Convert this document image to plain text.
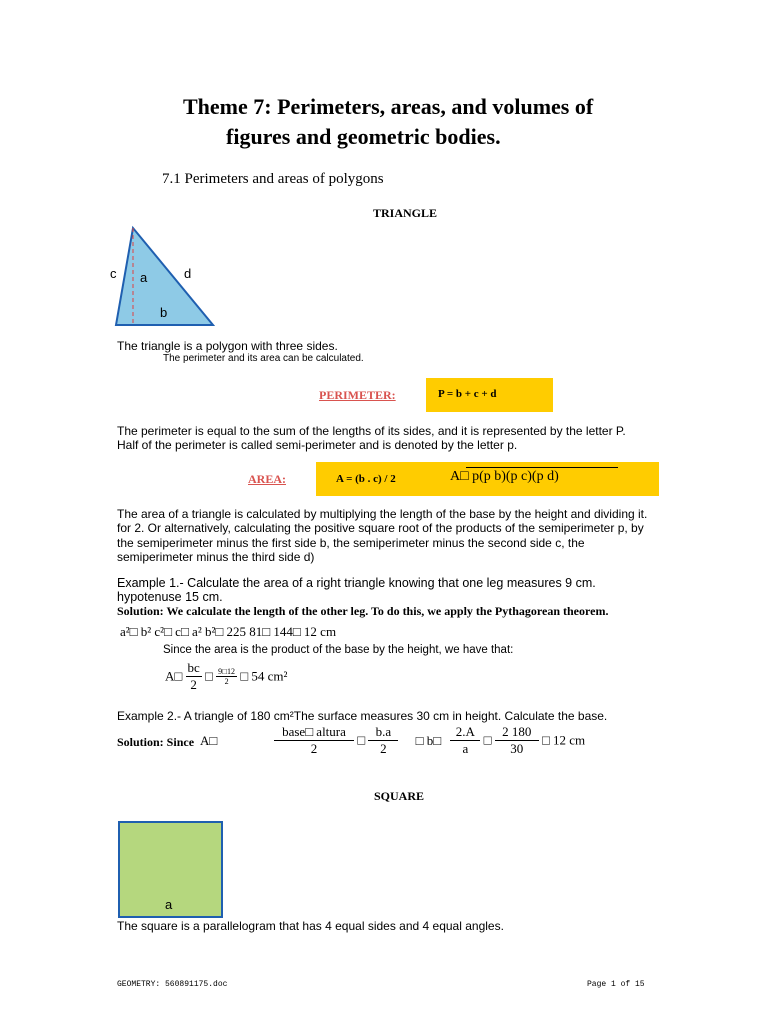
Theme 7: Perimeters, areas, and volumes of
figures and geometric bodies.
7.1 Perimeters and areas of polygons
TRIANGLE
c a	d
b
The triangle is a polygon with three sides.
The perimeter and its area can be calculated.
PERIMETER:	P = b + c + d
The perimeter is equal to the sum of the lengths of its sides, and it is represented by the letter P.
Half of the perimeter is called semi-perimeter and is denoted by the letter p.
AREA:	A = (b . c) / 2	A□ p(p b)(p c)(p d)
The area of a triangle is calculated by multiplying the length of the base by the height and dividing it.
for 2. Or alternatively, calculating the positive square root of the products of the semiperimeter p, by
the semiperimeter minus the first side b, the semiperimeter minus the second side c, the
semiperimeter minus the third side d)
Example 1.- Calculate the area of a right triangle knowing that one leg measures 9 cm.
hypotenuse 15 cm.
Solution: We calculate the length of the other leg. To do this, we apply the Pythagorean theorem.
a²□ b² c²□ c□ a² b²□ 225 81□ 144□ 12 cm
Since the area is the product of the base by the height, we have that:
A□ $\frac{bc}{2}$ □ $\frac{9□12}{2}$ □ 54 cm²
Example 2.- A triangle of 180 cm²The surface measures 30 cm in height. Calculate the base.
Solution: Since A□	$\frac{\text{base□ altura}}{2}$ □ $\frac{b.a}{2}$ □ b□ $\frac{2.A}{a}$ □ $\frac{2 180}{30}$ □ 12 cm
SQUARE
a
The square is a parallelogram that has 4 equal sides and 4 equal angles.
GEOMETRY: 560891175.doc	Page 1 of 15
